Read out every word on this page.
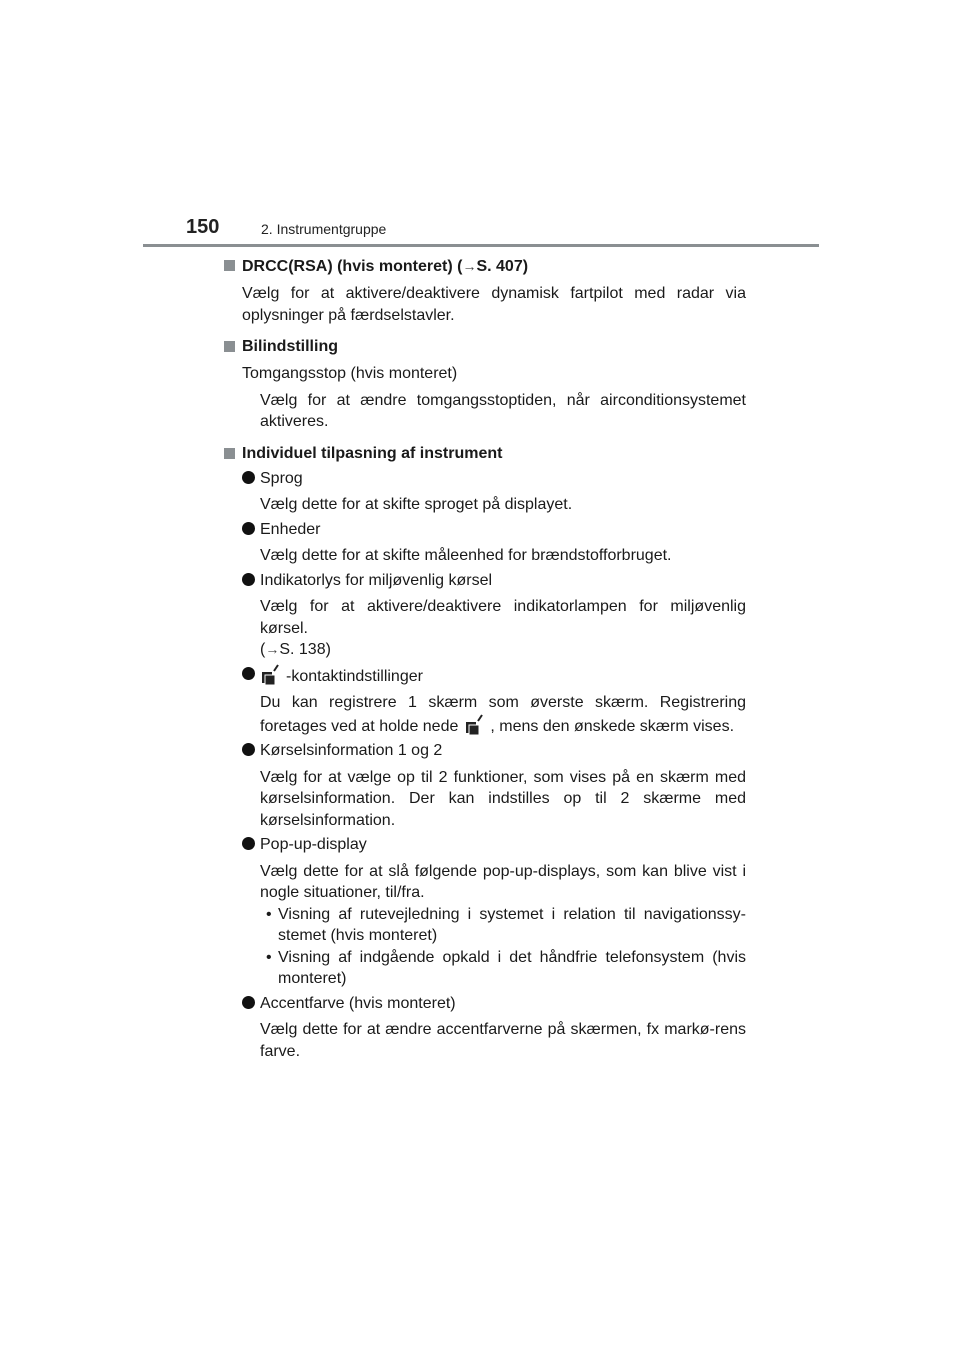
150	2. Instrumentgruppe
DRCC(RSA) (hvis monteret) (→S. 407)
Vælg for at aktivere/deaktivere dynamisk fartpilot med radar via oplysninger på færdselstavler.
Bilindstilling
Tomgangsstop (hvis monteret)
Vælg for at ændre tomgangsstoptiden, når airconditionsystemet aktiveres.
Individuel tilpasning af instrument
Sprog
Vælg dette for at skifte sproget på displayet.
Enheder
Vælg dette for at skifte måleenhed for brændstofforbruget.
Indikatorlys for miljøvenlig kørsel
Vælg for at aktivere/deaktivere indikatorlampen for miljøvenlig kørsel.
(→S. 138)
-kontaktindstillinger
Du kan registrere 1 skærm som øverste skærm. Registrering foretages ved at holde nede , mens den ønskede skærm vises.
Kørselsinformation 1 og 2
Vælg for at vælge op til 2 funktioner, som vises på en skærm med kørselsinformation. Der kan indstilles op til 2 skærme med kørselsinformation.
Pop-up-display
Vælg dette for at slå følgende pop-up-displays, som kan blive vist i nogle situationer, til/fra.
• Visning af rutevejledning i systemet i relation til navigationssy-stemet (hvis monteret)
• Visning af indgående opkald i det håndfrie telefonsystem (hvis monteret)
Accentfarve (hvis monteret)
Vælg dette for at ændre accentfarverne på skærmen, fx markø-rens farve.
